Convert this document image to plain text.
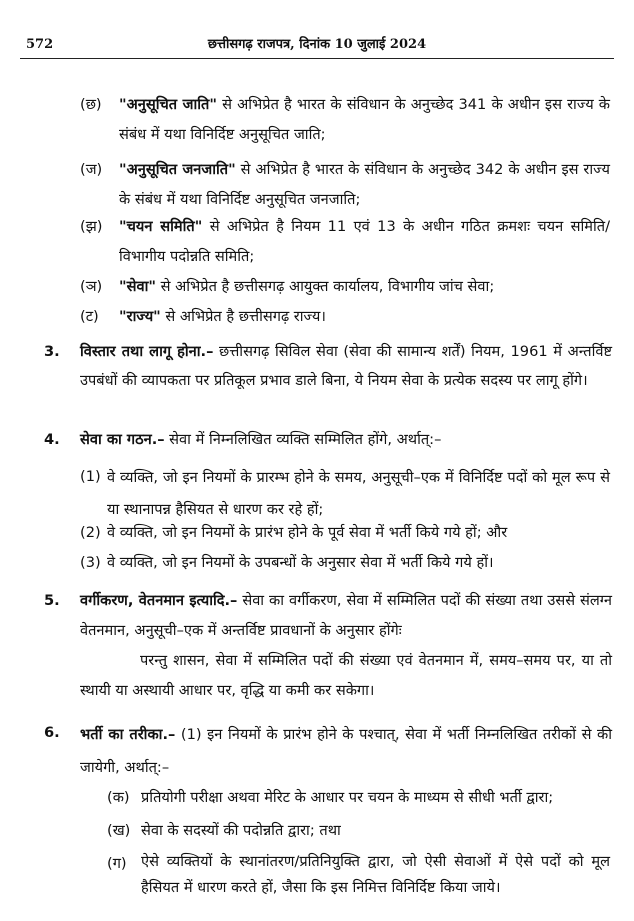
572	छत्तीसगढ़ राजपत्र, दिनांक 10 जुलाई 2024
(छ) "अनुसूचित जाति" से अभिप्रेत है भारत के संविधान के अनुच्छेद 341 के अधीन इस राज्य के संबंध में यथा विनिर्दिष्ट अनुसूचित जाति;
(ज) "अनुसूचित जनजाति" से अभिप्रेत है भारत के संविधान के अनुच्छेद 342 के अधीन इस राज्य के संबंध में यथा विनिर्दिष्ट अनुसूचित जनजाति;
(झ) "चयन समिति" से अभिप्रेत है नियम 11 एवं 13 के अधीन गठित क्रमशः चयन समिति/विभागीय पदोन्नति समिति;
(ञ) "सेवा" से अभिप्रेत है छत्तीसगढ़ आयुक्त कार्यालय, विभागीय जांच सेवा;
(ट) "राज्य" से अभिप्रेत है छत्तीसगढ़ राज्य।
3. विस्तार तथा लागू होना.– छत्तीसगढ़ सिविल सेवा (सेवा की सामान्य शर्तें) नियम, 1961 में अन्तर्विष्ट उपबंधों की व्यापकता पर प्रतिकूल प्रभाव डाले बिना, ये नियम सेवा के प्रत्येक सदस्य पर लागू होंगे।
4. सेवा का गठन.– सेवा में निम्नलिखित व्यक्ति सम्मिलित होंगे, अर्थात्:–
(1) वे व्यक्ति, जो इन नियमों के प्रारम्भ होने के समय, अनुसूची–एक में विनिर्दिष्ट पदों को मूल रूप से या स्थानापन्न हैसियत से धारण कर रहे हों;
(2) वे व्यक्ति, जो इन नियमों के प्रारंभ होने के पूर्व सेवा में भर्ती किये गये हों; और
(3) वे व्यक्ति, जो इन नियमों के उपबन्धों के अनुसार सेवा में भर्ती किये गये हों।
5. वर्गीकरण, वेतनमान इत्यादि.– सेवा का वर्गीकरण, सेवा में सम्मिलित पदों की संख्या तथा उससे संलग्न वेतनमान, अनुसूची–एक में अन्तर्विष्ट प्रावधानों के अनुसार होंगेः
परन्तु शासन, सेवा में सम्मिलित पदों की संख्या एवं वेतनमान में, समय–समय पर, या तो स्थायी या अस्थायी आधार पर, वृद्धि या कमी कर सकेगा।
6. भर्ती का तरीका.– (1) इन नियमों के प्रारंभ होने के पश्चात्, सेवा में भर्ती निम्नलिखित तरीकों से की जायेगी, अर्थात्:–
(क) प्रतियोगी परीक्षा अथवा मेरिट के आधार पर चयन के माध्यम से सीधी भर्ती द्वारा;
(ख) सेवा के सदस्यों की पदोन्नति द्वारा; तथा
(ग) ऐसे व्यक्तियों के स्थानांतरण/प्रतिनियुक्ति द्वारा, जो ऐसी सेवाओं में ऐसे पदों को मूल हैसियत में धारण करते हों, जैसा कि इस निमित्त विनिर्दिष्ट किया जाये।
